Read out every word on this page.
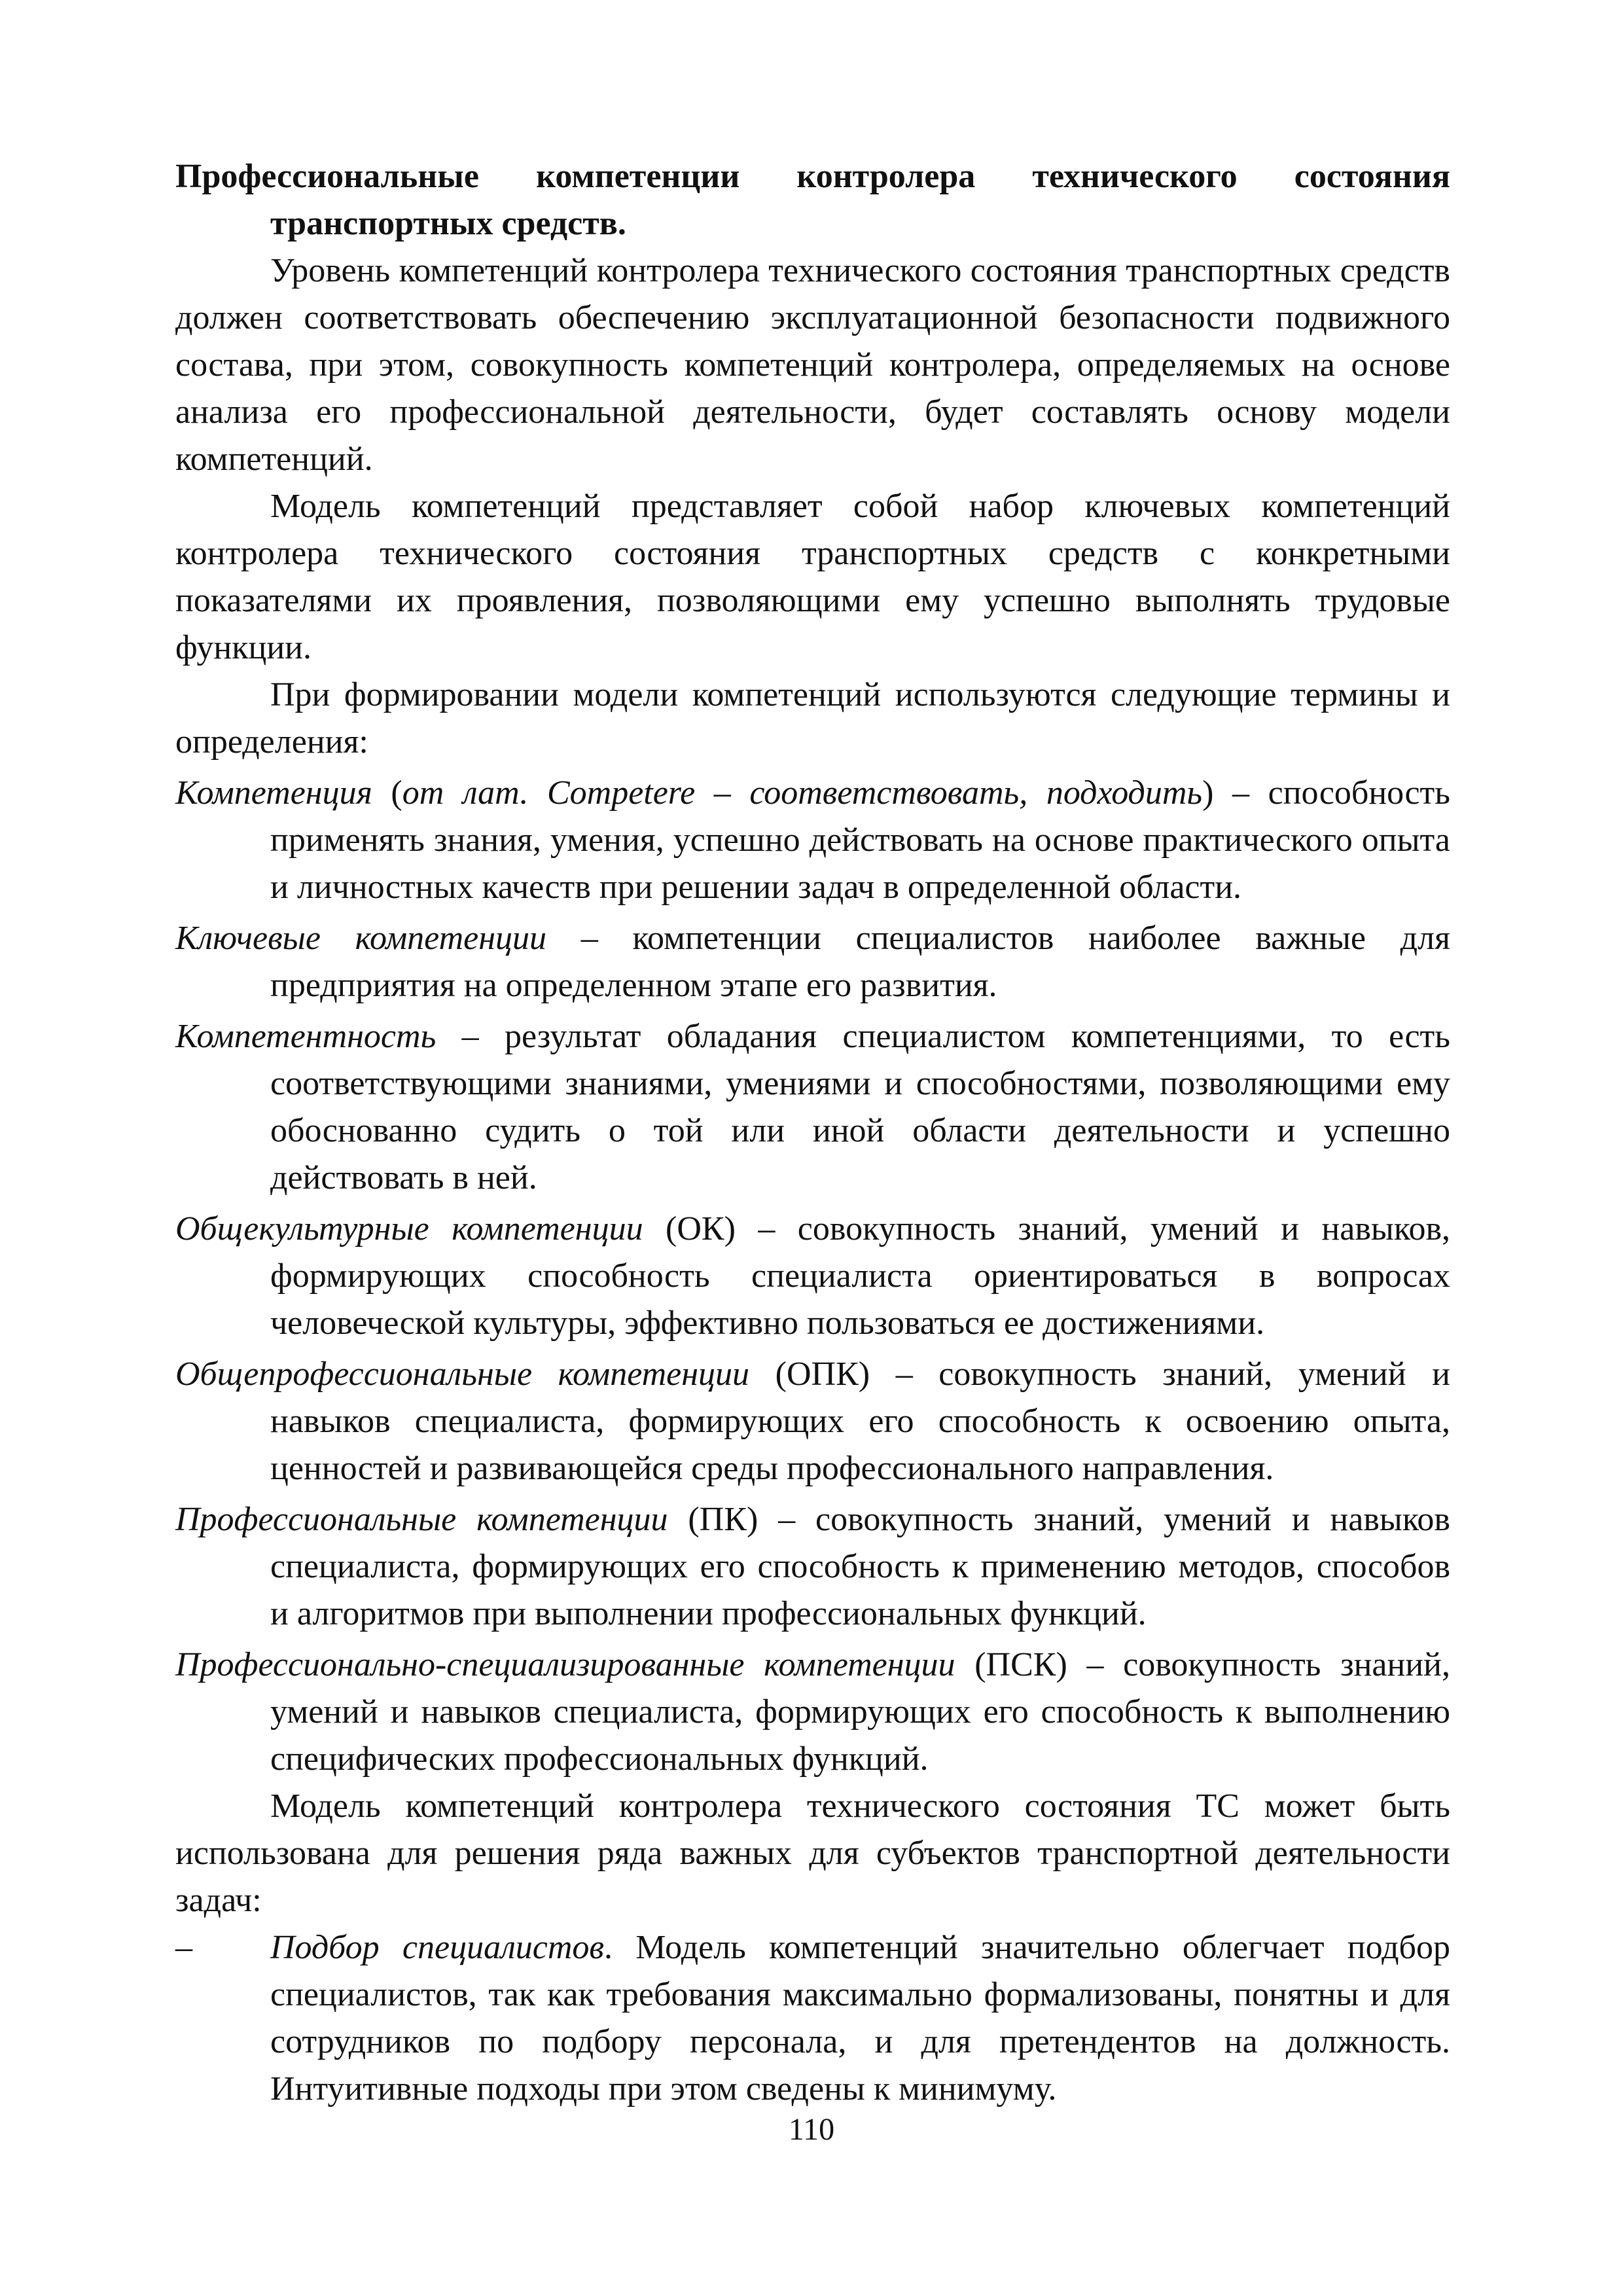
Профессиональные компетенции контролера технического состояния транспортных средств.

Уровень компетенций контролера технического состояния транспортных средств должен соответствовать обеспечению эксплуатационной безопасности подвижного состава, при этом, совокупность компетенций контролера, определяемых на основе анализа его профессиональной деятельности, будет составлять основу модели компетенций.

Модель компетенций представляет собой набор ключевых компетенций контролера технического состояния транспортных средств с конкретными показателями их проявления, позволяющими ему успешно выполнять трудовые функции.

При формировании модели компетенций используются следующие термины и определения:

Компетенция (от лат. Competere – соответствовать, подходить) – способность применять знания, умения, успешно действовать на основе практического опыта и личностных качеств при решении задач в определенной области.

Ключевые компетенции – компетенции специалистов наиболее важные для предприятия на определенном этапе его развития.

Компетентность – результат обладания специалистом компетенциями, то есть соответствующими знаниями, умениями и способностями, позволяющими ему обоснованно судить о той или иной области деятельности и успешно действовать в ней.

Общекультурные компетенции (ОК) – совокупность знаний, умений и навыков, формирующих способность специалиста ориентироваться в вопросах человеческой культуры, эффективно пользоваться ее достижениями.

Общепрофессиональные компетенции (ОПК) – совокупность знаний, умений и навыков специалиста, формирующих его способность к освоению опыта, ценностей и развивающейся среды профессионального направления.

Профессиональные компетенции (ПК) – совокупность знаний, умений и навыков специалиста, формирующих его способность к применению методов, способов и алгоритмов при выполнении профессиональных функций.

Профессионально-специализированные компетенции (ПСК) – совокупность знаний, умений и навыков специалиста, формирующих его способность к выполнению специфических профессиональных функций.

Модель компетенций контролера технического состояния ТС может быть использована для решения ряда важных для субъектов транспортной деятельности задач:

– Подбор специалистов. Модель компетенций значительно облегчает подбор специалистов, так как требования максимально формализованы, понятны и для сотрудников по подбору персонала, и для претендентов на должность. Интуитивные подходы при этом сведены к минимуму.

110
